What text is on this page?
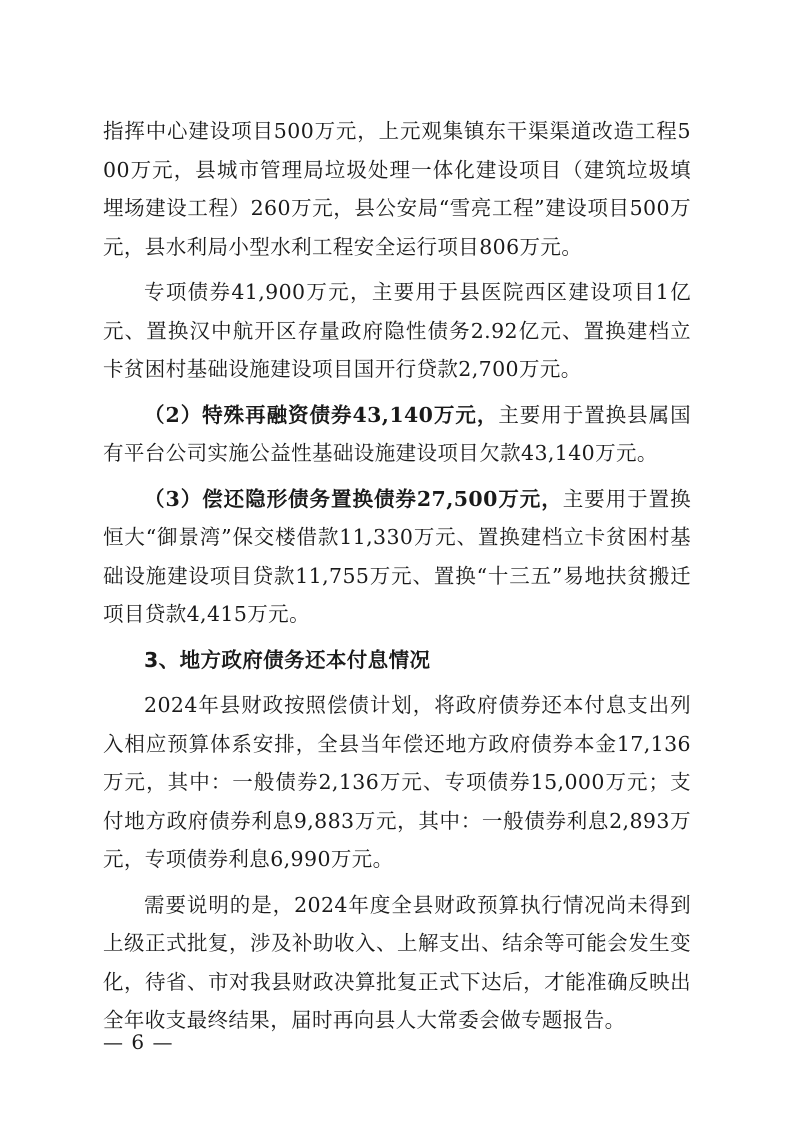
指挥中心建设项目500万元，上元观集镇东干渠渠道改造工程500万元，县城市管理局垃圾处理一体化建设项目（建筑垃圾填埋场建设工程）260万元，县公安局“雪亮工程”建设项目500万元，县水利局小型水利工程安全运行项目806万元。

专项债券41,900万元，主要用于县医院西区建设项目1亿元、置换汉中航开区存量政府隐性债务2.92亿元、置换建档立卡贫困村基础设施建设项目国开行贷款2,700万元。

（2）特殊再融资债券43,140万元，主要用于置换县属国有平台公司实施公益性基础设施建设项目欠款43,140万元。

（3）偿还隐形债务置换债券27,500万元，主要用于置换恒大“御景湾”保交楼借款11,330万元、置换建档立卡贫困村基础设施建设项目贷款11,755万元、置换“十三五”易地扶贫搬迁项目贷款4,415万元。

3、地方政府债务还本付息情况

2024年县财政按照偿债计划，将政府债券还本付息支出列入相应预算体系安排，全县当年偿还地方政府债券本金17,136万元，其中：一般债券2,136万元、专项债券15,000万元；支付地方政府债券利息9,883万元，其中：一般债券利息2,893万元，专项债券利息6,990万元。

需要说明的是，2024年度全县财政预算执行情况尚未得到上级正式批复，涉及补助收入、上解支出、结余等可能会发生变化，待省、市对我县财政决算批复正式下达后，才能准确反映出全年收支最终结果，届时再向县人大常委会做专题报告。

— 6 —
